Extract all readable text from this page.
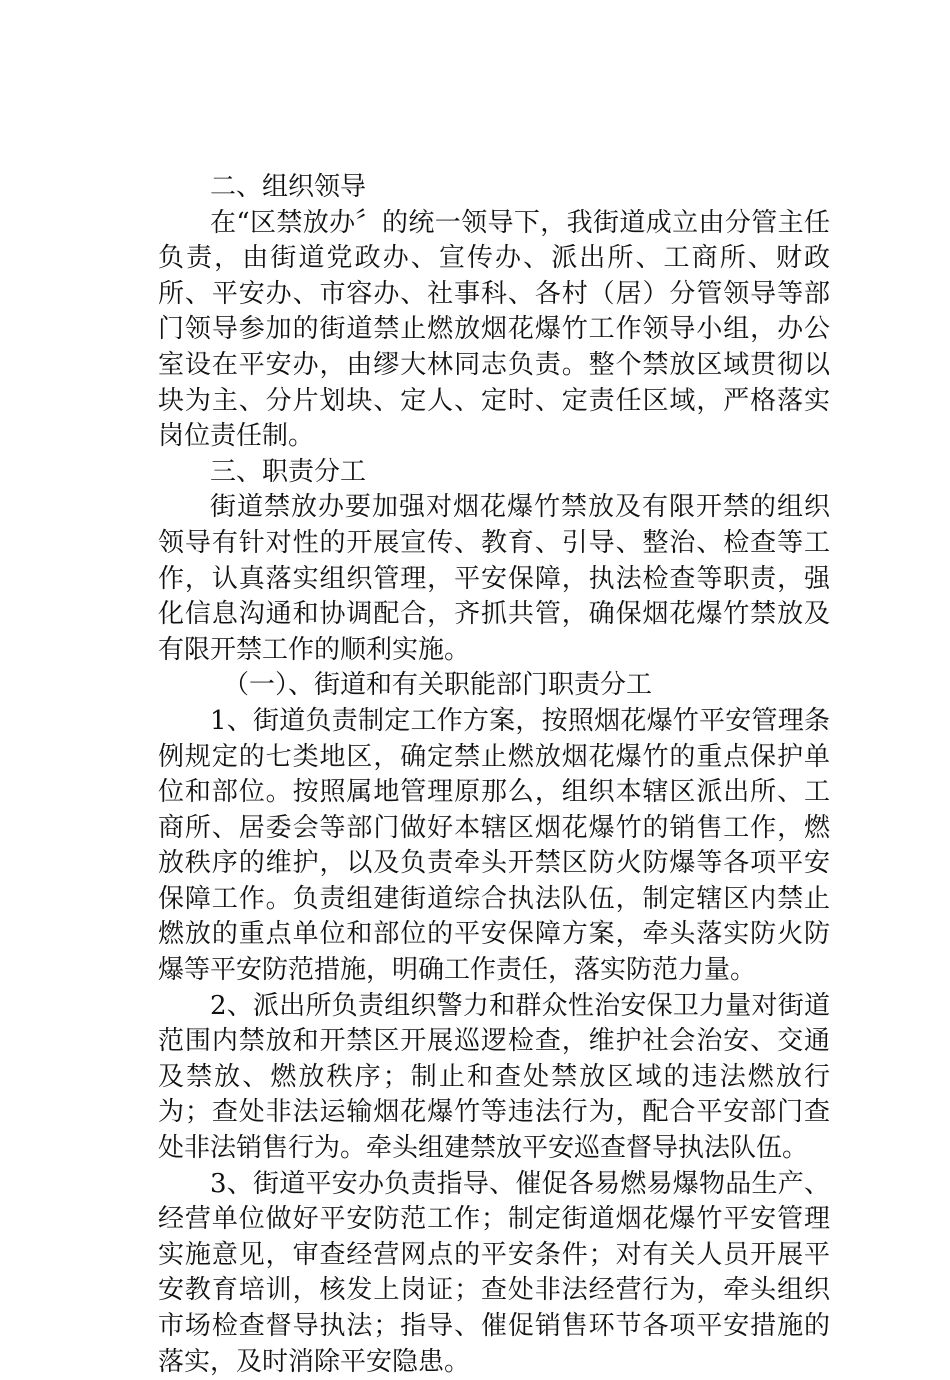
二、组织领导

在“区禁放办〞的统一领导下，我街道成立由分管主任负责，由街道党政办、宣传办、派出所、工商所、财政所、平安办、市容办、社事科、各村（居）分管领导等部门领导参加的街道禁止燃放烟花爆竹工作领导小组，办公室设在平安办，由缪大林同志负责。整个禁放区域贯彻以块为主、分片划块、定人、定时、定责任区域，严格落实岗位责任制。

三、职责分工

街道禁放办要加强对烟花爆竹禁放及有限开禁的组织领导有针对性的开展宣传、教育、引导、整治、检查等工作，认真落实组织管理，平安保障，执法检查等职责，强化信息沟通和协调配合，齐抓共管，确保烟花爆竹禁放及有限开禁工作的顺利实施。

（一）、街道和有关职能部门职责分工

1、街道负责制定工作方案，按照烟花爆竹平安管理条例规定的七类地区，确定禁止燃放烟花爆竹的重点保护单位和部位。按照属地管理原那么，组织本辖区派出所、工商所、居委会等部门做好本辖区烟花爆竹的销售工作，燃放秩序的维护，以及负责牵头开禁区防火防爆等各项平安保障工作。负责组建街道综合执法队伍，制定辖区内禁止燃放的重点单位和部位的平安保障方案，牵头落实防火防爆等平安防范措施，明确工作责任，落实防范力量。

2、派出所负责组织警力和群众性治安保卫力量对街道范围内禁放和开禁区开展巡逻检查，维护社会治安、交通及禁放、燃放秩序；制止和查处禁放区域的违法燃放行为；查处非法运输烟花爆竹等违法行为，配合平安部门查处非法销售行为。牵头组建禁放平安巡查督导执法队伍。

3、街道平安办负责指导、催促各易燃易爆物品生产、经营单位做好平安防范工作；制定街道烟花爆竹平安管理实施意见，审查经营网点的平安条件；对有关人员开展平安教育培训，核发上岗证；查处非法经营行为，牵头组织市场检查督导执法；指导、催促销售环节各项平安措施的落实，及时消除平安隐患。
